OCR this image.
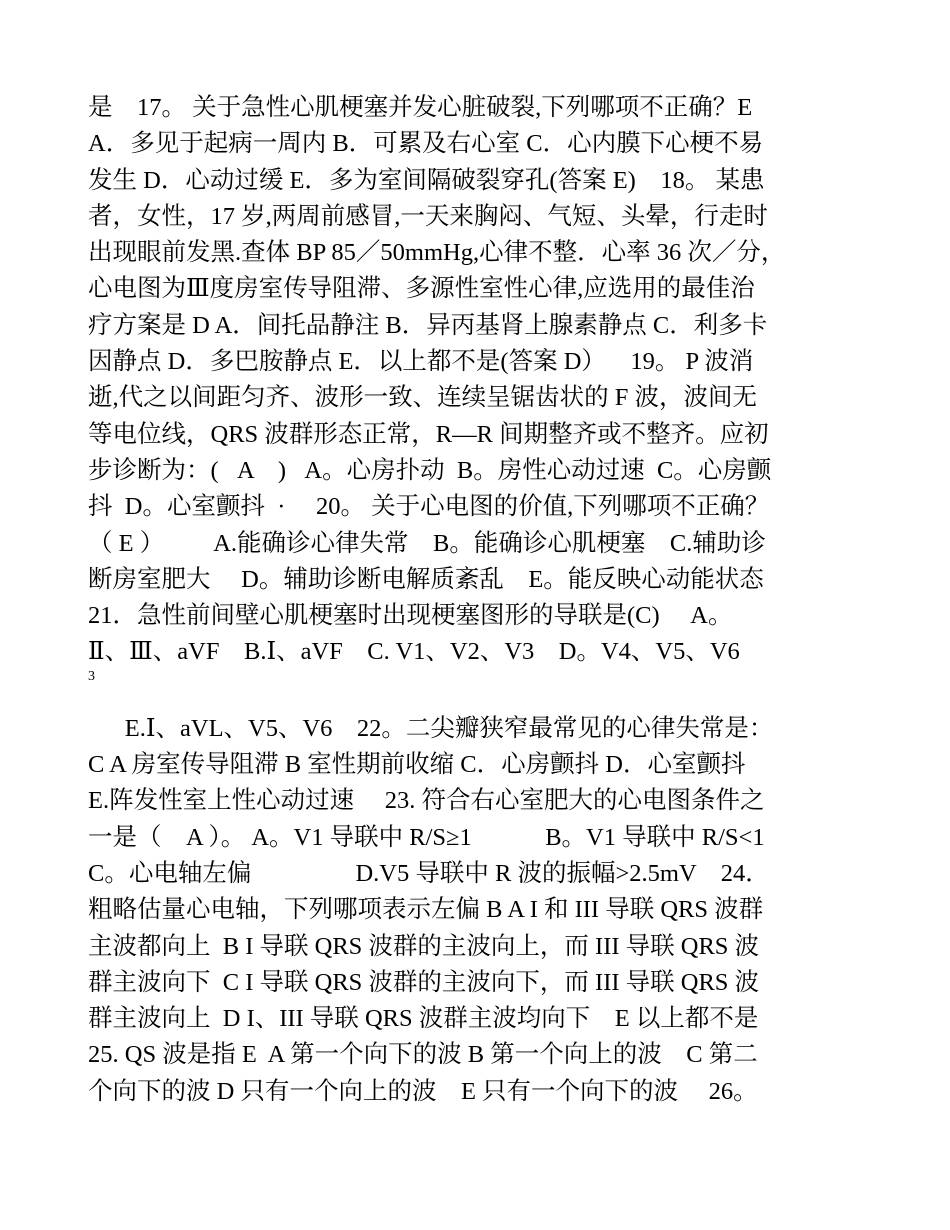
是    17。 关于急性心肌梗塞并发心脏破裂,下列哪项不正确？E
A．多见于起病一周内 B．可累及右心室 C．心内膜下心梗不易
发生 D．心动过缓 E．多为室间隔破裂穿孔(答案 E)    18。 某患
者，女性，17 岁,两周前感冒,一天来胸闷、气短、头晕，行走时
出现眼前发黑.查体 BP 85／50mmHg,心律不整．心率 36 次／分，
心电图为Ⅲ度房室传导阻滞、多源性室性心律,应选用的最佳治
疗方案是 D A．间托品静注 B．异丙基肾上腺素静点 C．利多卡
因静点 D．多巴胺静点 E．以上都不是(答案 D）    19。 P 波消
逝,代之以间距匀齐、波形一致、连续呈锯齿状的 F 波，波间无
等电位线，QRS 波群形态正常，R—R 间期整齐或不整齐。应初
步诊断为：(   A    )   A。心房扑动  B。房性心动过速  C。心房颤
抖  D。心室颤抖  ·     20。 关于心电图的价值,下列哪项不正确？
（ E ）        A.能确诊心律失常    B。能确诊心肌梗塞    C.辅助诊
断房室肥大     D。辅助诊断电解质紊乱    E。能反映心动能状态
21．急性前间壁心肌梗塞时出现梗塞图形的导联是(C)     A。
Ⅱ、Ⅲ、aVF    B.Ⅰ、aVF    C. V1、V2、V3    D。V4、V5、V6
3
E.Ⅰ、aVL、V5、V6    22。二尖瓣狭窄最常见的心律失常是：
C A 房室传导阻滞 B 室性期前收缩 C．心房颤抖 D．心室颤抖
E.阵发性室上性心动过速     23. 符合右心室肥大的心电图条件之
一是（    A ）。 A。V1 导联中 R/S≥1            B。V1 导联中 R/S<1
C。心电轴左偏                 D.V5 导联中 R 波的振幅>2.5mV    24．
粗略估量心电轴，下列哪项表示左偏 B A I 和 III 导联 QRS 波群
主波都向上  B I 导联 QRS 波群的主波向上，而 III 导联 QRS 波
群主波向下  C I 导联 QRS 波群的主波向下，而 III 导联 QRS 波
群主波向上  D I、III 导联 QRS 波群主波均向下    E 以上都不是
25. QS 波是指 E  A 第一个向下的波 B 第一个向上的波    C 第二
个向下的波 D 只有一个向上的波    E 只有一个向下的波     26。
